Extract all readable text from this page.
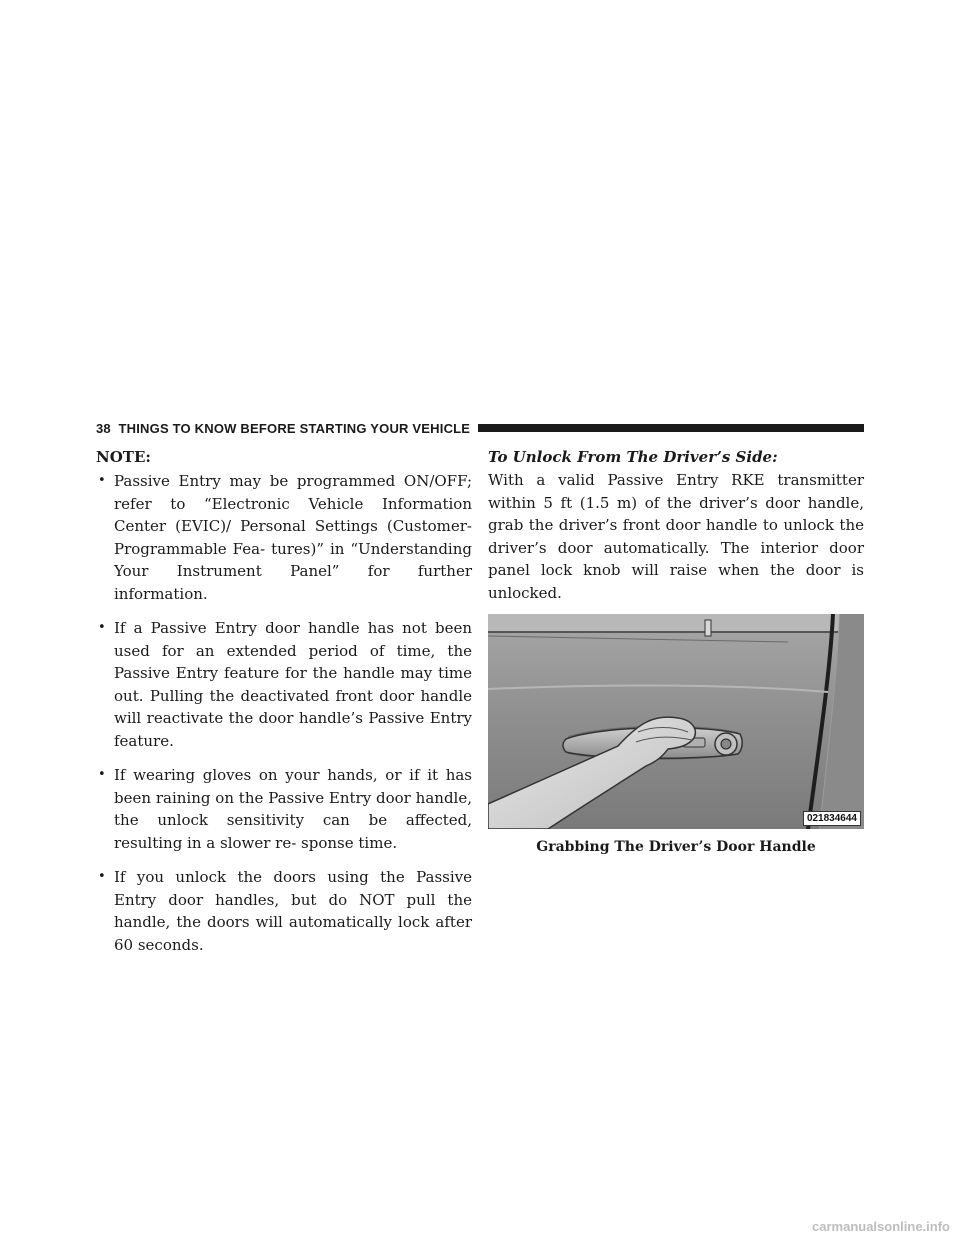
38 THINGS TO KNOW BEFORE STARTING YOUR VEHICLE

NOTE:

• Passive Entry may be programmed ON/OFF; refer to “Electronic Vehicle Information Center (EVIC)/ Personal Settings (Customer-Programmable Fea- tures)” in “Understanding Your Instrument Panel” for further information.
• If a Passive Entry door handle has not been used for an extended period of time, the Passive Entry feature for the handle may time out. Pulling the deactivated front door handle will reactivate the door handle’s Passive Entry feature.
• If wearing gloves on your hands, or if it has been raining on the Passive Entry door handle, the unlock sensitivity can be affected, resulting in a slower re- sponse time.
• If you unlock the doors using the Passive Entry door handles, but do NOT pull the handle, the doors will automatically lock after 60 seconds.

To Unlock From The Driver’s Side:

With a valid Passive Entry RKE transmitter within 5 ft (1.5 m) of the driver’s door handle, grab the driver’s front door handle to unlock the driver’s door automatically. The interior door panel lock knob will raise when the door is unlocked.

021834644
Grabbing The Driver’s Door Handle
carmanualsonline.info
